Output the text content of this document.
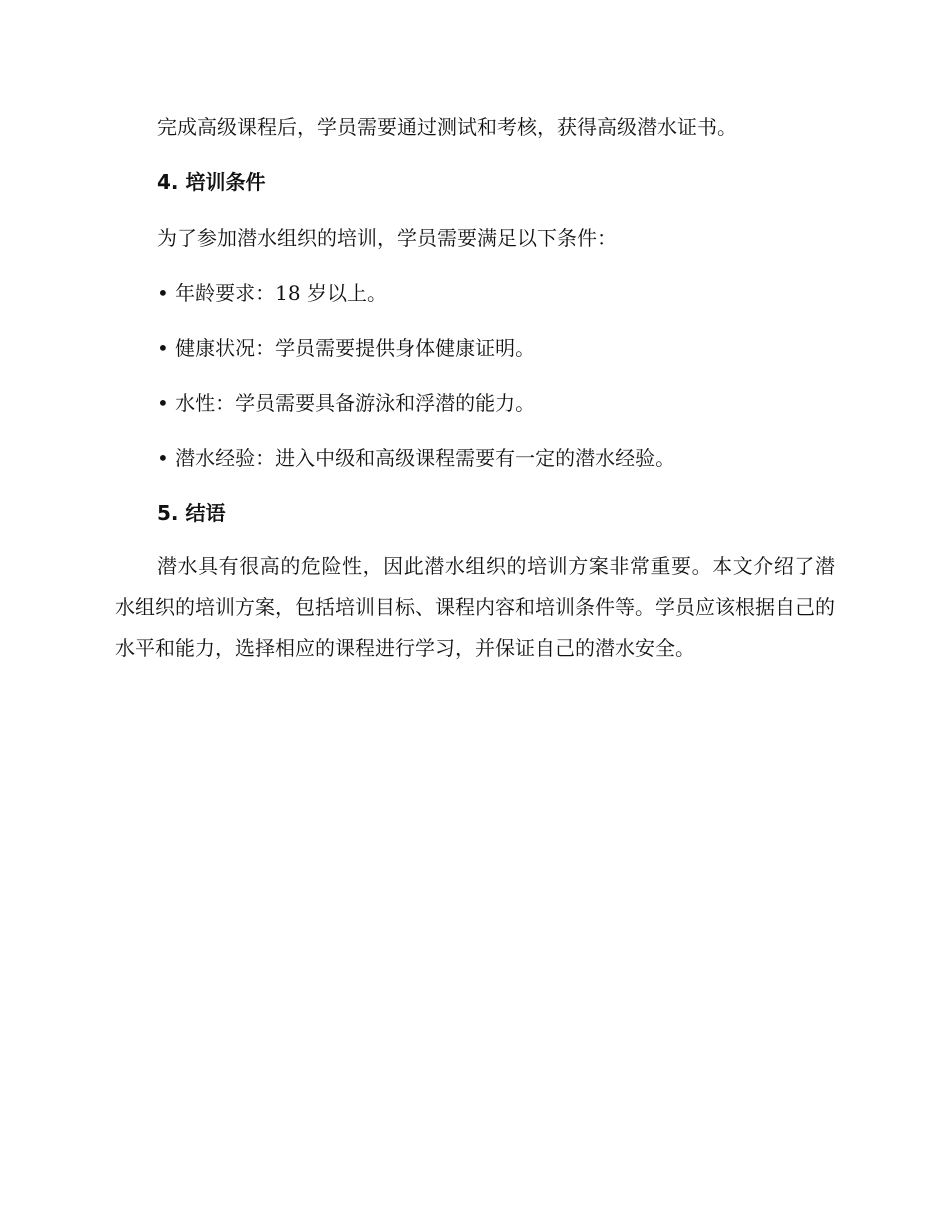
完成高级课程后，学员需要通过测试和考核，获得高级潜水证书。
4. 培训条件
为了参加潜水组织的培训，学员需要满足以下条件：
• 年龄要求：18 岁以上。
• 健康状况：学员需要提供身体健康证明。
• 水性：学员需要具备游泳和浮潜的能力。
• 潜水经验：进入中级和高级课程需要有一定的潜水经验。
5. 结语

潜水具有很高的危险性，因此潜水组织的培训方案非常重要。本文介绍了潜水组织的培训方案，包括培训目标、课程内容和培训条件等。学员应该根据自己的水平和能力，选择相应的课程进行学习，并保证自己的潜水安全。
